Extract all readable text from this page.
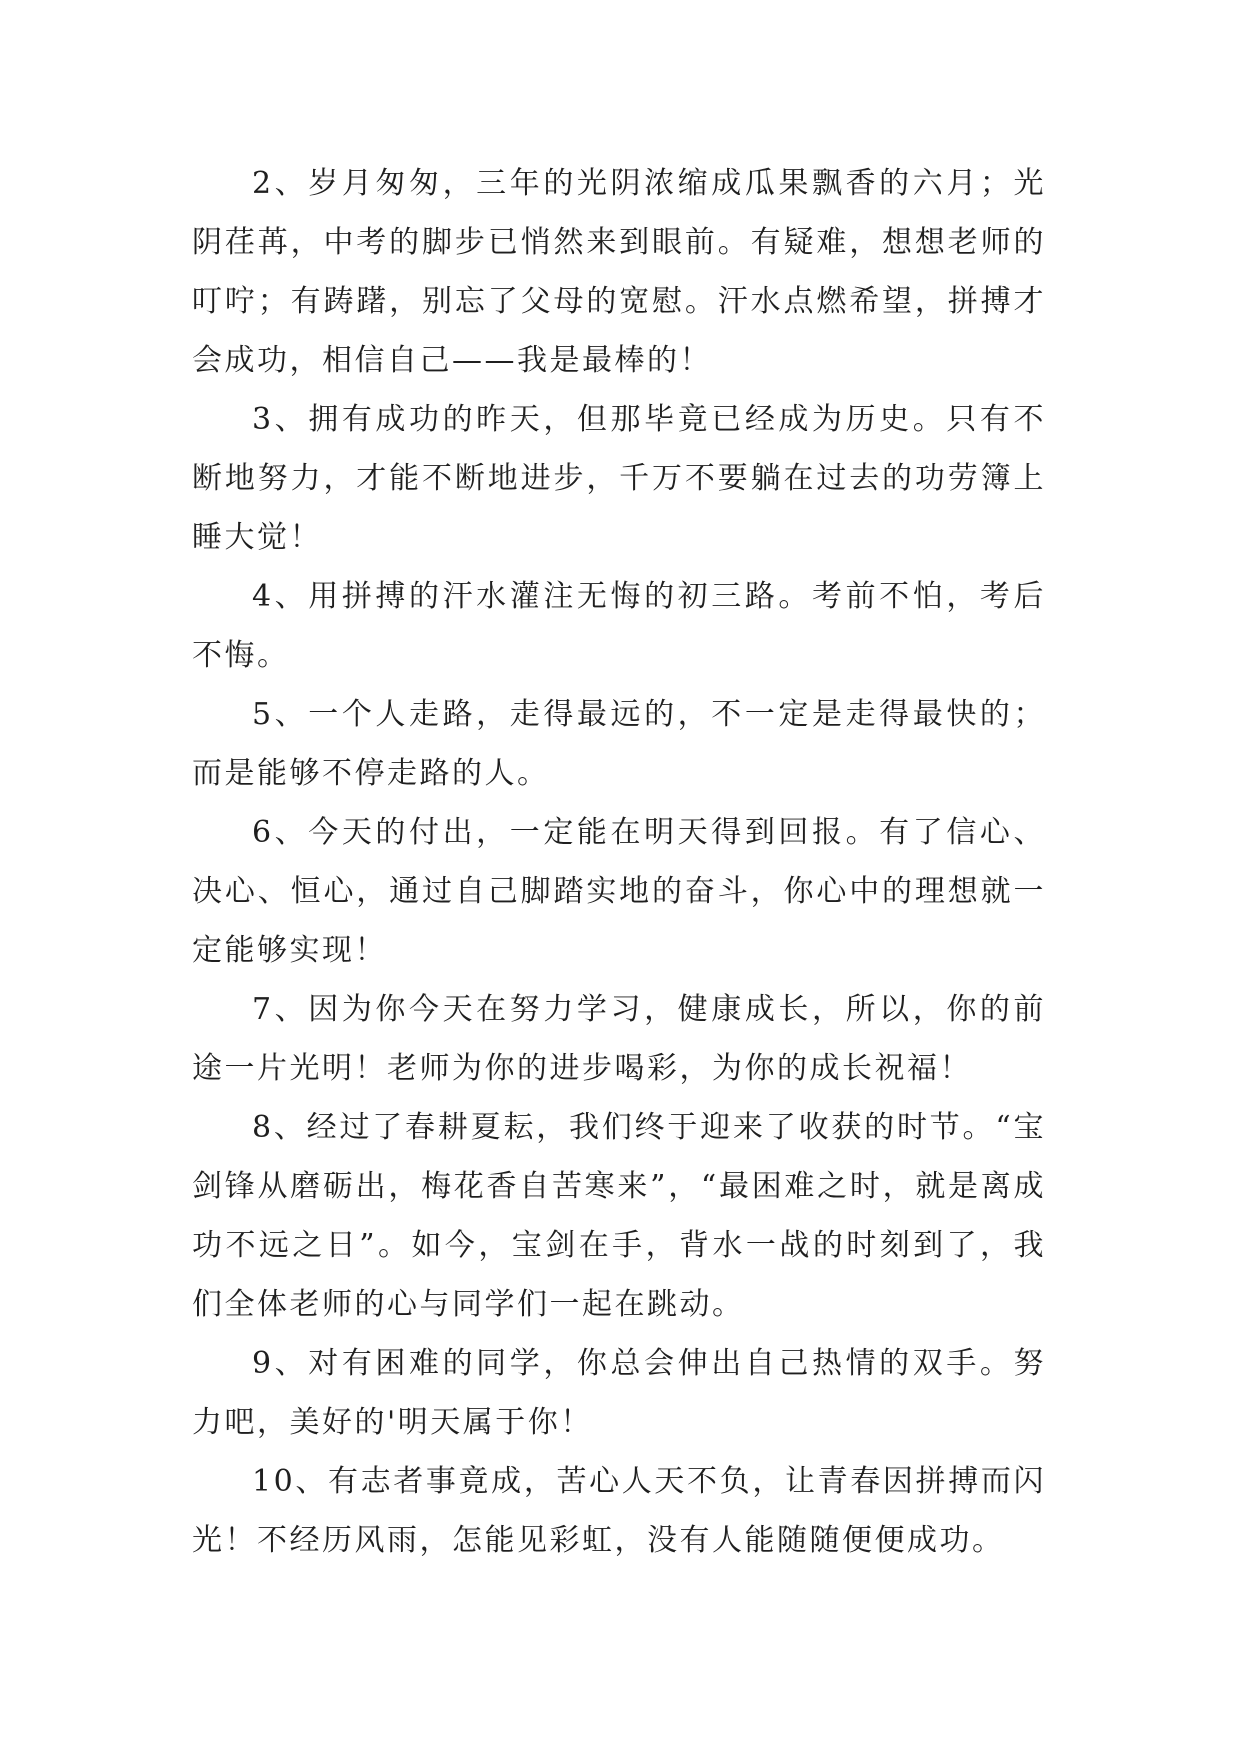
2、岁月匆匆，三年的光阴浓缩成瓜果飘香的六月；光阴荏苒，中考的脚步已悄然来到眼前。有疑难，想想老师的叮咛；有踌躇，别忘了父母的宽慰。汗水点燃希望，拼搏才会成功，相信自己——我是最棒的！

3、拥有成功的昨天，但那毕竟已经成为历史。只有不断地努力，才能不断地进步，千万不要躺在过去的功劳簿上睡大觉！

4、用拼搏的汗水灌注无悔的初三路。考前不怕，考后不悔。

5、一个人走路，走得最远的，不一定是走得最快的；而是能够不停走路的人。

6、今天的付出，一定能在明天得到回报。有了信心、决心、恒心，通过自己脚踏实地的奋斗，你心中的理想就一定能够实现！

7、因为你今天在努力学习，健康成长，所以，你的前途一片光明！老师为你的进步喝彩，为你的成长祝福！

8、经过了春耕夏耘，我们终于迎来了收获的时节。“宝剑锋从磨砺出，梅花香自苦寒来”，“最困难之时，就是离成功不远之日”。如今，宝剑在手，背水一战的时刻到了，我们全体老师的心与同学们一起在跳动。

9、对有困难的同学，你总会伸出自己热情的双手。努力吧，美好的'明天属于你！

10、有志者事竟成，苦心人天不负，让青春因拼搏而闪光！不经历风雨，怎能见彩虹，没有人能随随便便成功。
